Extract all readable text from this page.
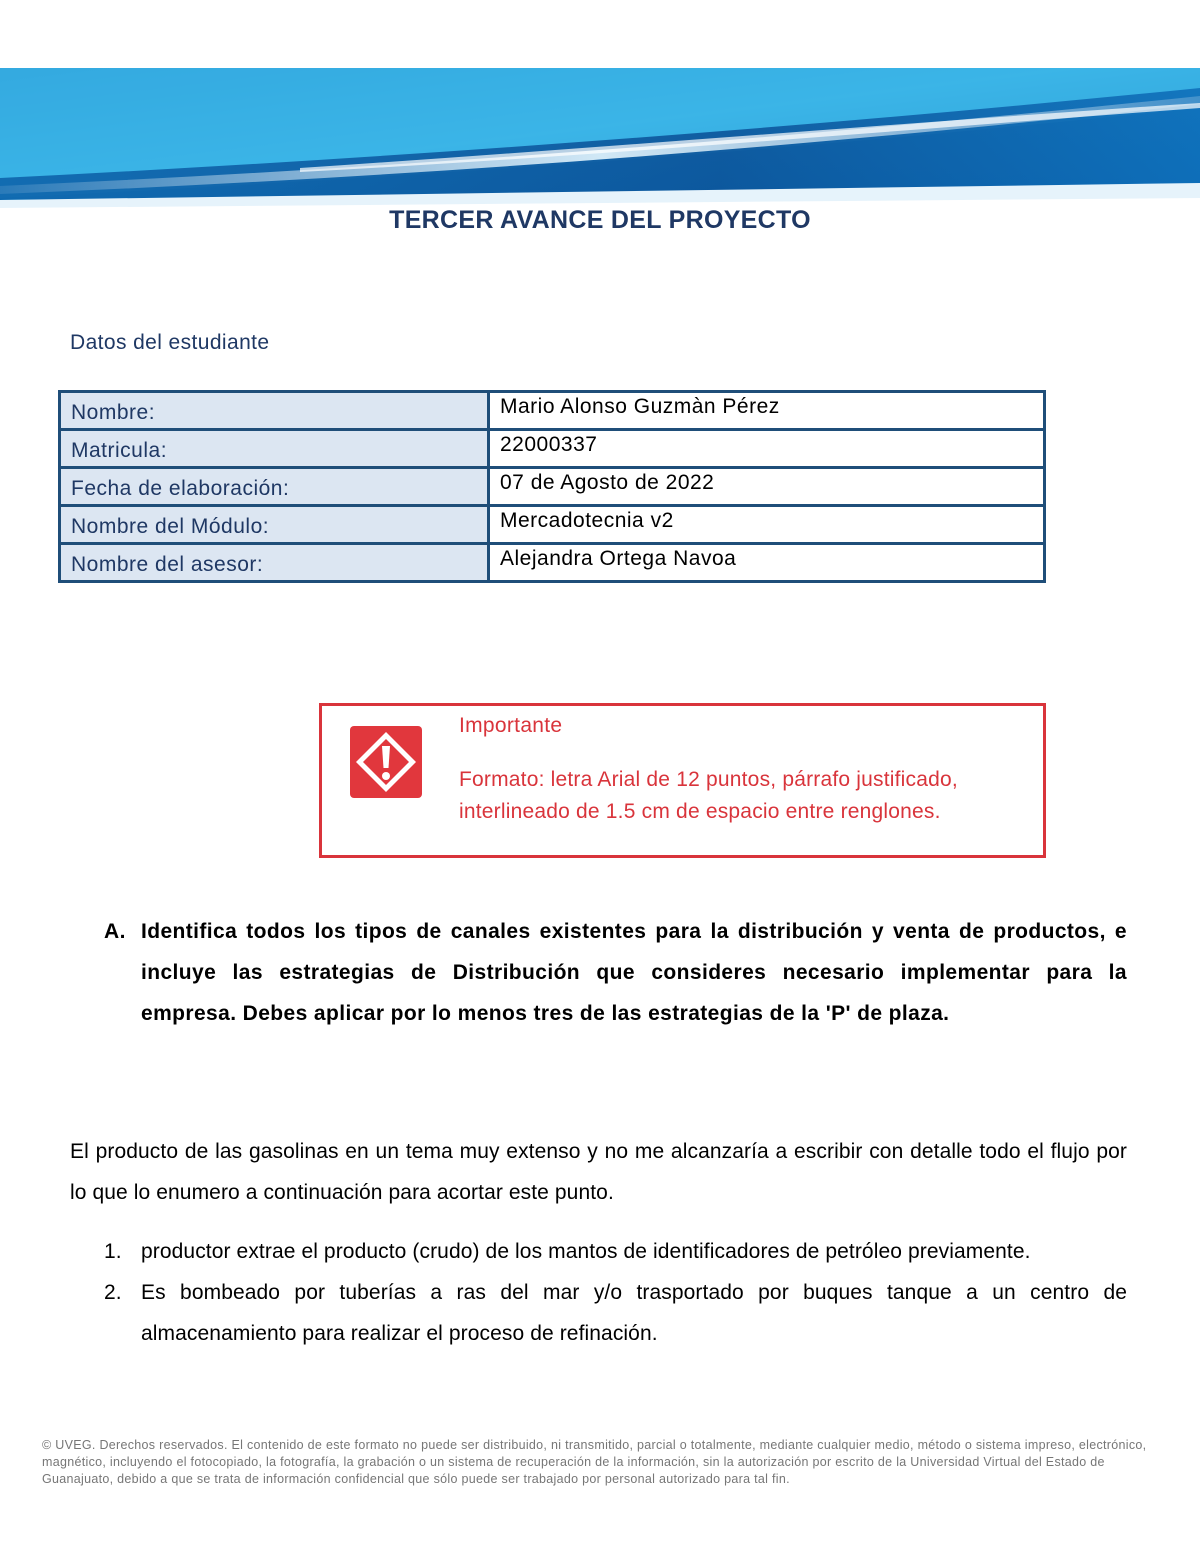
TERCER AVANCE DEL PROYECTO
Datos del estudiante
Nombre:	Mario Alonso Guzmàn Pérez
Matricula:	22000337
Fecha de elaboración:	07 de Agosto de 2022
Nombre del Módulo:	Mercadotecnia v2
Nombre del asesor:	Alejandra Ortega Navoa
Importante
Formato: letra Arial de 12 puntos, párrafo justificado, interlineado de 1.5 cm de espacio entre renglones.
A. Identifica todos los tipos de canales existentes para la distribución y venta de productos, e incluye las estrategias de Distribución que consideres necesario implementar para la empresa. Debes aplicar por lo menos tres de las estrategias de la 'P' de plaza.
El producto de las gasolinas en un tema muy extenso y no me alcanzaría a escribir con detalle todo el flujo por lo que lo enumero a continuación para acortar este punto.
1. productor extrae el producto (crudo) de los mantos de identificadores de petróleo previamente.
2. Es bombeado por tuberías a ras del mar y/o trasportado por buques tanque a un centro de almacenamiento para realizar el proceso de refinación.
© UVEG. Derechos reservados. El contenido de este formato no puede ser distribuido, ni transmitido, parcial o totalmente, mediante cualquier medio, método o sistema impreso, electrónico, magnético, incluyendo el fotocopiado, la fotografía, la grabación o un sistema de recuperación de la información, sin la autorización por escrito de la Universidad Virtual del Estado de Guanajuato, debido a que se trata de información confidencial que sólo puede ser trabajado por personal autorizado para tal fin.
